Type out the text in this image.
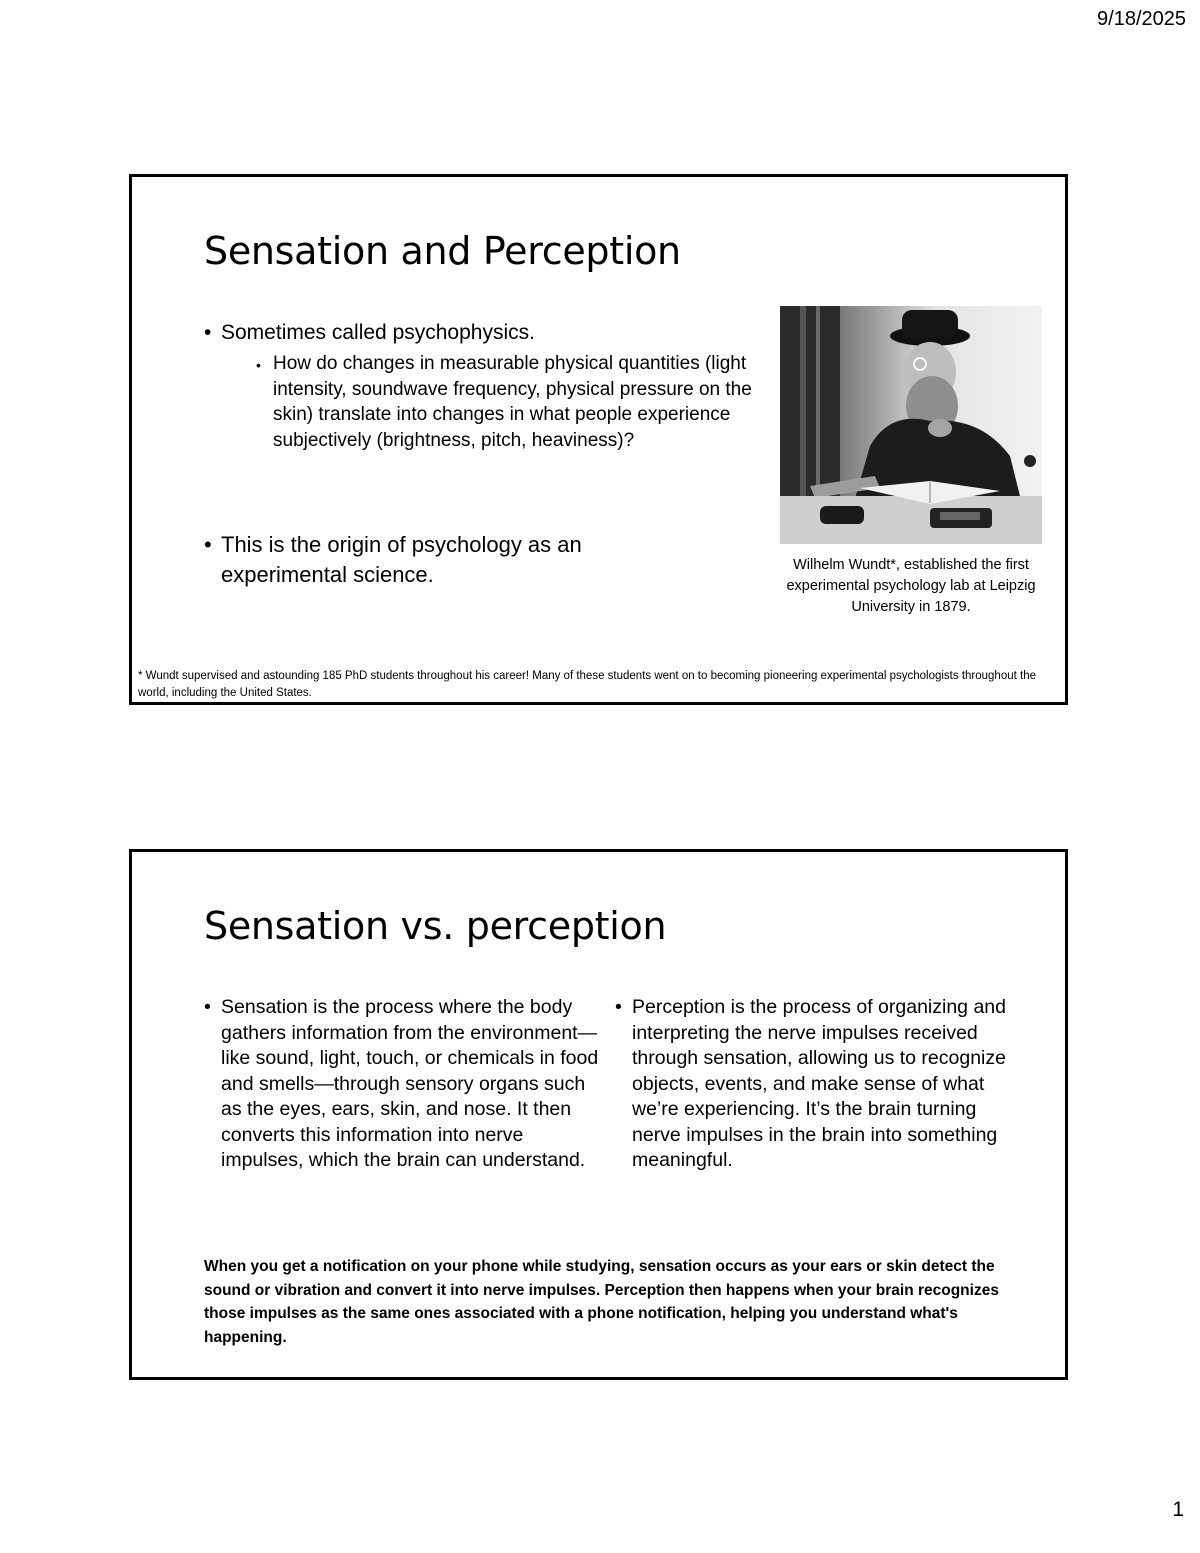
9/18/2025
Sensation and Perception
• Sometimes called psychophysics.
• How do changes in measurable physical quantities (light intensity, soundwave frequency, physical pressure on the skin) translate into changes in what people experience subjectively (brightness, pitch, heaviness)?
• This is the origin of psychology as an experimental science.	Wilhelm Wundt*, established the first experimental psychology lab at Leipzig University in 1879.
* Wundt supervised and astounding 185 PhD students throughout his career! Many of these students went on to becoming pioneering experimental psychologists throughout the world, including the United States.
Sensation vs. perception
• Sensation is the process where the body gathers information from the environment—like sound, light, touch, or chemicals in food and smells—through sensory organs such as the eyes, ears, skin, and nose. It then converts this information into nerve impulses, which the brain can understand.
• Perception is the process of organizing and interpreting the nerve impulses received through sensation, allowing us to recognize objects, events, and make sense of what we’re experiencing. It’s the brain turning nerve impulses in the brain into something meaningful.
When you get a notification on your phone while studying, sensation occurs as your ears or skin detect the sound or vibration and convert it into nerve impulses. Perception then happens when your brain recognizes those impulses as the same ones associated with a phone notification, helping you understand what's happening.
1
